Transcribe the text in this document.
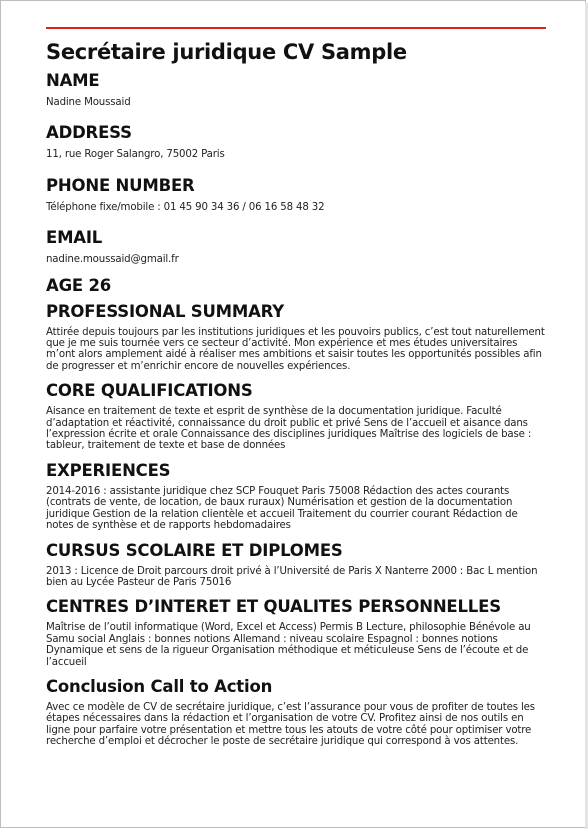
Secrétaire juridique CV Sample
NAME

Nadine Moussaid

ADDRESS

11, rue Roger Salangro, 75002 Paris

PHONE NUMBER

Téléphone fixe/mobile : 01 45 90 34 36 / 06 16 58 48 32

EMAIL

nadine.moussaid@gmail.fr

AGE 26
PROFESSIONAL SUMMARY

Attirée depuis toujours par les institutions juridiques et les pouvoirs publics, c’est tout naturellement que je me suis tournée vers ce secteur d’activité. Mon expérience et mes études universitaires m’ont alors amplement aidé à réaliser mes ambitions et saisir toutes les opportunités possibles afin de progresser et m’enrichir encore de nouvelles expériences.

CORE QUALIFICATIONS

Aisance en traitement de texte et esprit de synthèse de la documentation juridique. Faculté d’adaptation et réactivité, connaissance du droit public et privé Sens de l’accueil et aisance dans l’expression écrite et orale Connaissance des disciplines juridiques Maîtrise des logiciels de base : tableur, traitement de texte et base de données

EXPERIENCES

2014-2016 : assistante juridique chez SCP Fouquet Paris 75008 Rédaction des actes courants (contrats de vente, de location, de baux ruraux) Numérisation et gestion de la documentation juridique Gestion de la relation clientèle et accueil Traitement du courrier courant Rédaction de notes de synthèse et de rapports hebdomadaires

CURSUS SCOLAIRE ET DIPLOMES

2013 : Licence de Droit parcours droit privé à l’Université de Paris X Nanterre 2000 : Bac L mention bien au Lycée Pasteur de Paris 75016

CENTRES D’INTERET ET QUALITES PERSONNELLES

Maîtrise de l’outil informatique (Word, Excel et Access) Permis B Lecture, philosophie Bénévole au Samu social Anglais : bonnes notions Allemand : niveau scolaire Espagnol : bonnes notions Dynamique et sens de la rigueur Organisation méthodique et méticuleuse Sens de l’écoute et de l’accueil

Conclusion Call to Action

Avec ce modèle de CV de secrétaire juridique, c’est l’assurance pour vous de profiter de toutes les étapes nécessaires dans la rédaction et l’organisation de votre CV. Profitez ainsi de nos outils en ligne pour parfaire votre présentation et mettre tous les atouts de votre côté pour optimiser votre recherche d’emploi et décrocher le poste de secrétaire juridique qui correspond à vos attentes.
